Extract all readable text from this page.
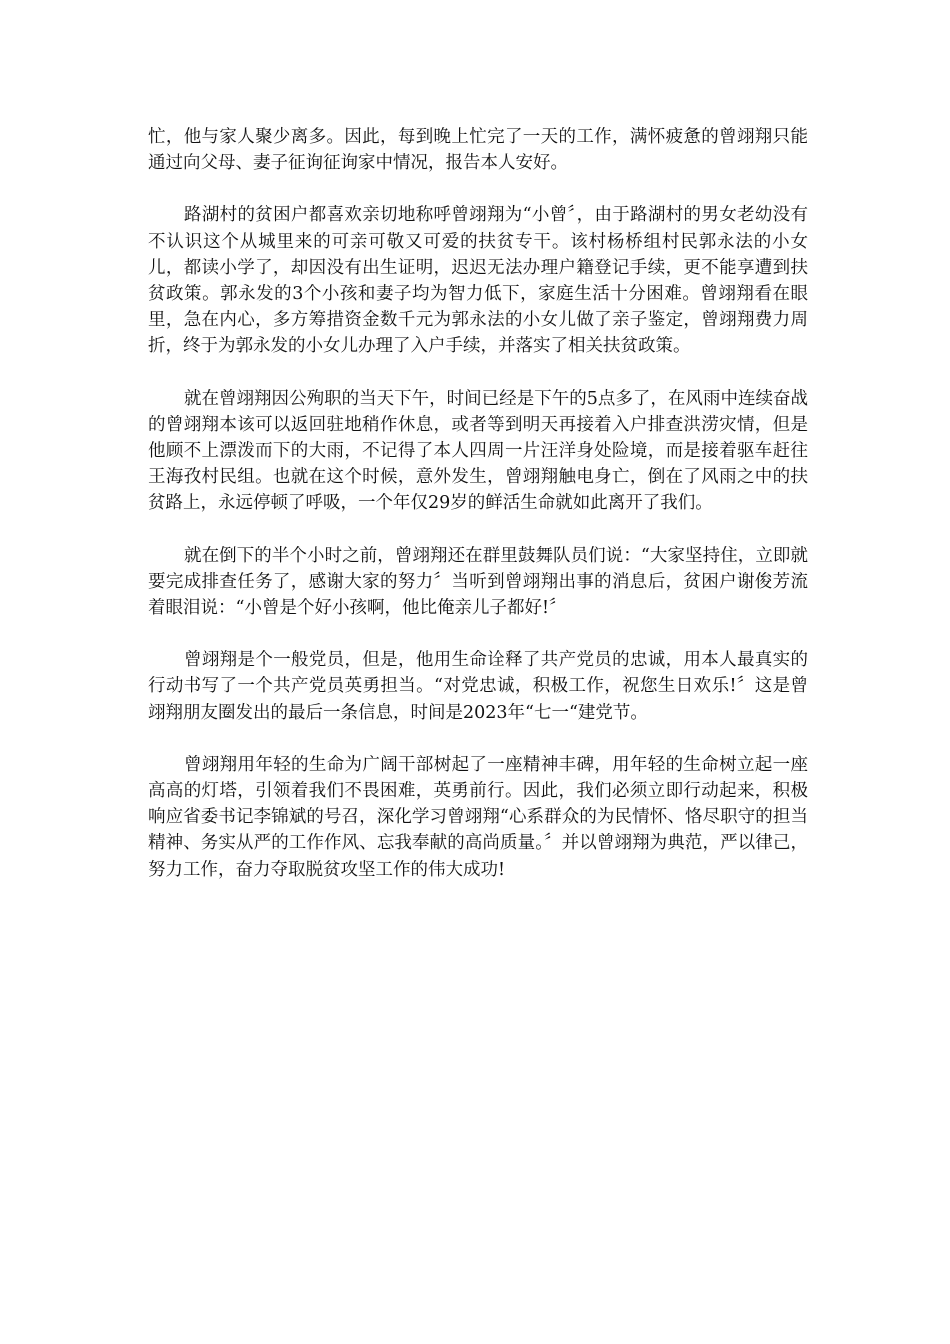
忙，他与家人聚少离多。因此，每到晚上忙完了一天的工作，满怀疲惫的曾翊翔只能通过向父母、妻子征询征询家中情况，报告本人安好。

路湖村的贫困户都喜欢亲切地称呼曾翊翔为“小曾〞，由于路湖村的男女老幼没有不认识这个从城里来的可亲可敬又可爱的扶贫专干。该村杨桥组村民郭永法的小女儿，都读小学了，却因没有出生证明，迟迟无法办理户籍登记手续，更不能享遭到扶贫政策。郭永发的3个小孩和妻子均为智力低下，家庭生活十分困难。曾翊翔看在眼里，急在内心，多方筹措资金数千元为郭永法的小女儿做了亲子鉴定，曾翊翔费力周折，终于为郭永发的小女儿办理了入户手续，并落实了相关扶贫政策。

就在曾翊翔因公殉职的当天下午，时间已经是下午的5点多了，在风雨中连续奋战的曾翊翔本该可以返回驻地稍作休息，或者等到明天再接着入户排查洪涝灾情，但是他顾不上漂泼而下的大雨，不记得了本人四周一片汪洋身处险境，而是接着驱车赶往王海孜村民组。也就在这个时候，意外发生，曾翊翔触电身亡，倒在了风雨之中的扶贫路上，永远停顿了呼吸，一个年仅29岁的鲜活生命就如此离开了我们。

就在倒下的半个小时之前，曾翊翔还在群里鼓舞队员们说：“大家坚持住，立即就要完成排查任务了，感谢大家的努力〞当听到曾翊翔出事的消息后，贫困户谢俊芳流着眼泪说：“小曾是个好小孩啊，他比俺亲儿子都好!〞

曾翊翔是个一般党员，但是，他用生命诠释了共产党员的忠诚，用本人最真实的行动书写了一个共产党员英勇担当。“对党忠诚，积极工作，祝您生日欢乐!〞这是曾翊翔朋友圈发出的最后一条信息，时间是2023年“七一“建党节。

曾翊翔用年轻的生命为广阔干部树起了一座精神丰碑，用年轻的生命树立起一座高高的灯塔，引领着我们不畏困难，英勇前行。因此，我们必须立即行动起来，积极响应省委书记李锦斌的号召，深化学习曾翊翔“心系群众的为民情怀、恪尽职守的担当精神、务实从严的工作作风、忘我奉献的高尚质量。〞并以曾翊翔为典范，严以律己，努力工作，奋力夺取脱贫攻坚工作的伟大成功!
